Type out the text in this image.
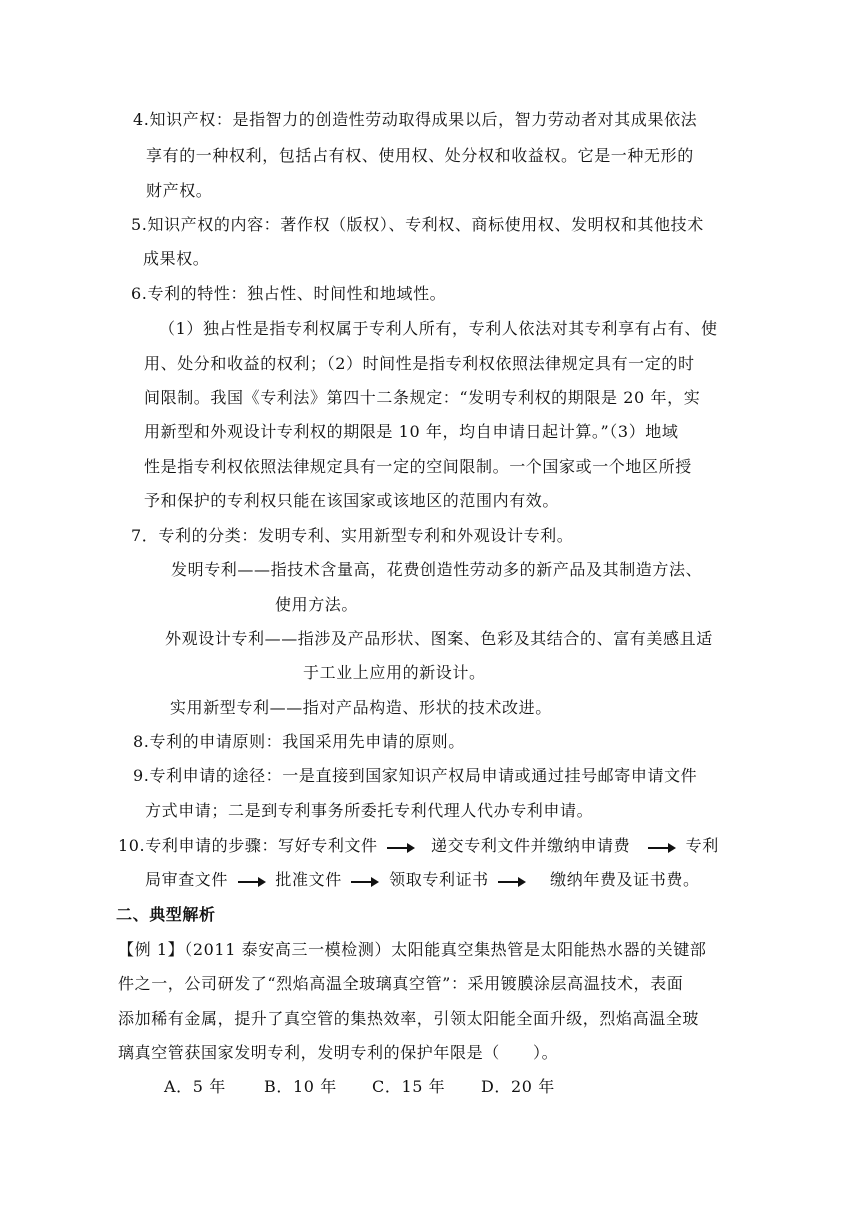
4.知识产权：是指智力的创造性劳动取得成果以后，智力劳动者对其成果依法
享有的一种权利，包括占有权、使用权、处分权和收益权。它是一种无形的
财产权。
5.知识产权的内容：著作权（版权）、专利权、商标使用权、发明权和其他技术
成果权。
6.专利的特性：独占性、时间性和地域性。
（1）独占性是指专利权属于专利人所有，专利人依法对其专利享有占有、使
用、处分和收益的权利；（2）时间性是指专利权依照法律规定具有一定的时
间限制。我国《专利法》第四十二条规定：“发明专利权的期限是 20 年，实
用新型和外观设计专利权的期限是 10 年，均自申请日起计算。”（3）地域
性是指专利权依照法律规定具有一定的空间限制。一个国家或一个地区所授
予和保护的专利权只能在该国家或该地区的范围内有效。
7．专利的分类：发明专利、实用新型专利和外观设计专利。
发明专利——指技术含量高，花费创造性劳动多的新产品及其制造方法、
使用方法。
外观设计专利——指涉及产品形状、图案、色彩及其结合的、富有美感且适
于工业上应用的新设计。
实用新型专利——指对产品构造、形状的技术改进。
8.专利的申请原则：我国采用先申请的原则。
9.专利申请的途径：一是直接到国家知识产权局申请或通过挂号邮寄申请文件
方式申请；二是到专利事务所委托专利代理人代办专利申请。
10.专利申请的步骤：写好专利文件	递交专利文件并缴纳申请费	专利
局审查文件	批准文件	领取专利证书	缴纳年费及证书费。
二、典型解析
【例 1】（2011 泰安高三一模检测）太阳能真空集热管是太阳能热水器的关键部
件之一，公司研发了“烈焰高温全玻璃真空管”：采用镀膜涂层高温技术，表面
添加稀有金属，提升了真空管的集热效率，引领太阳能全面升级，烈焰高温全玻
璃真空管获国家发明专利，发明专利的保护年限是（　　）。
A．5 年 B．10 年 C．15 年 D．20 年
